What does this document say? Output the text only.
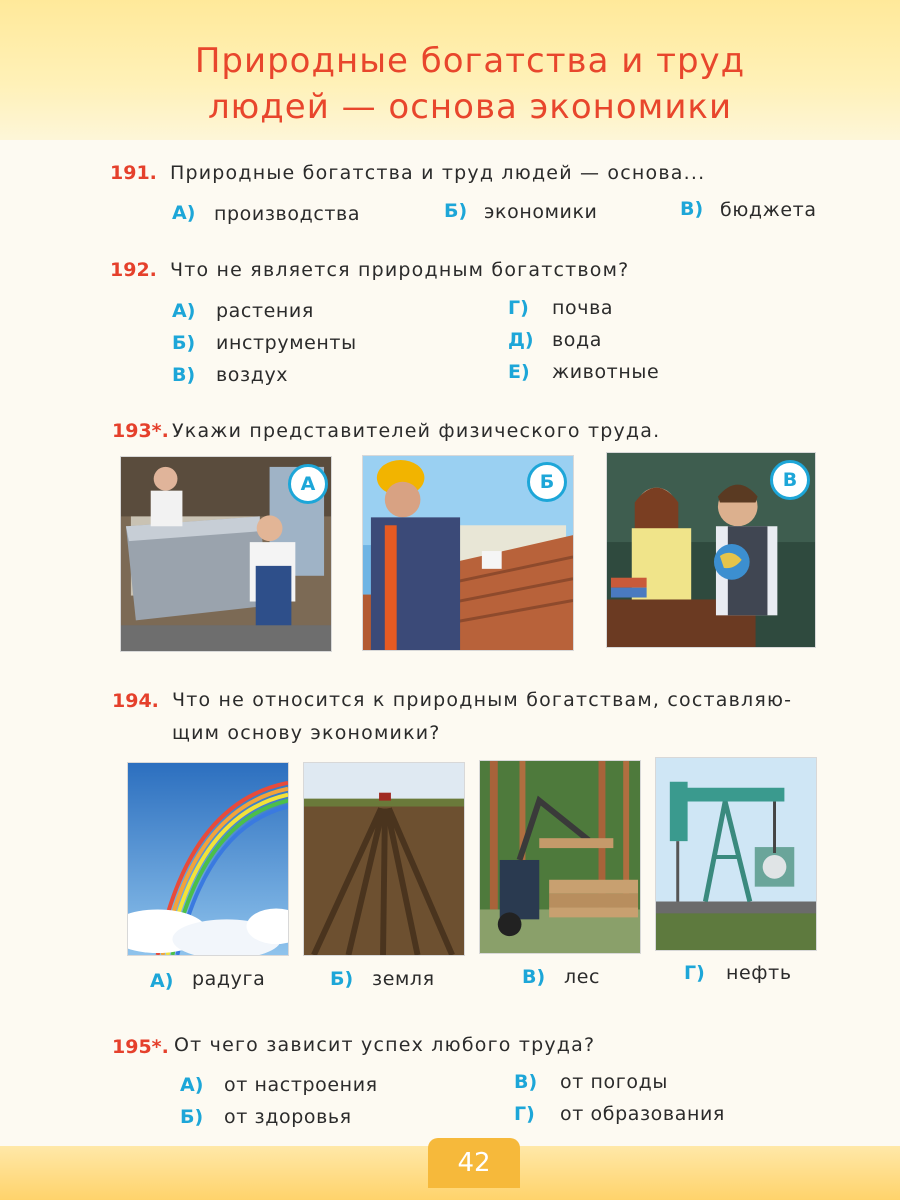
Природные богатства и труд
людей — основа экономики
191. Природные богатства и труд людей — основа...
А) производства	Б) экономики	В) бюджета
192. Что не является природным богатством?
А) растения
Б) инструменты
В) воздух
Г) почва
Д) вода
Е) животные
193*. Укажи представителей физического труда.
А	Б	В
194. Что не относится к природным богатствам, составляю-
щим основу экономики?
А) радуга	Б) земля	В) лес	Г) нефть
195*. От чего зависит успех любого труда?
А) от настроения
Б) от здоровья
В) от погоды
Г) от образования
42
